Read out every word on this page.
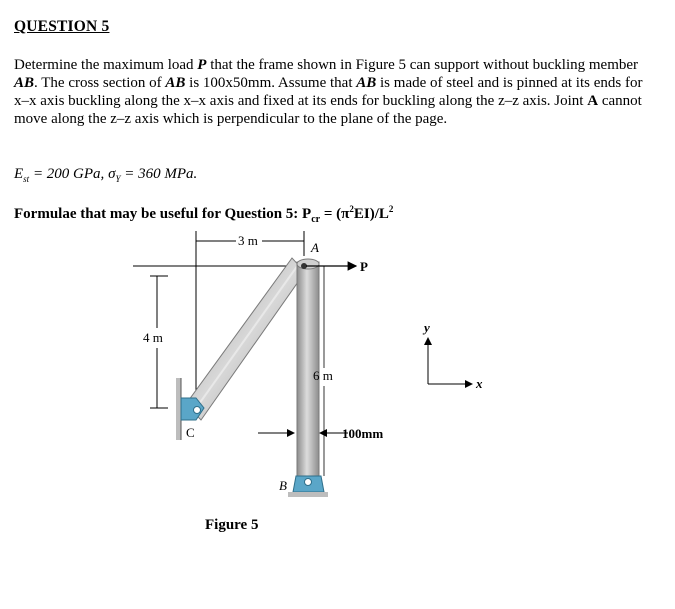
QUESTION 5
Determine the maximum load P that the frame shown in Figure 5 can support without buckling member AB. The cross section of AB is 100x50mm. Assume that AB is made of steel and is pinned at its ends for x–x axis buckling along the x–x axis and fixed at its ends for buckling along the z–z axis. Joint A cannot move along the z–z axis which is perpendicular to the plane of the page.
$E_{st} = 200$ GPa, $\sigma_Y = 360$ MPa.
Formulae that may be useful for Question 5: $P_{cr} = (\pi^2EI)/L^2$
3 m	A
4 m
C
P
6 m
100mm
B
y
x
Figure 5
